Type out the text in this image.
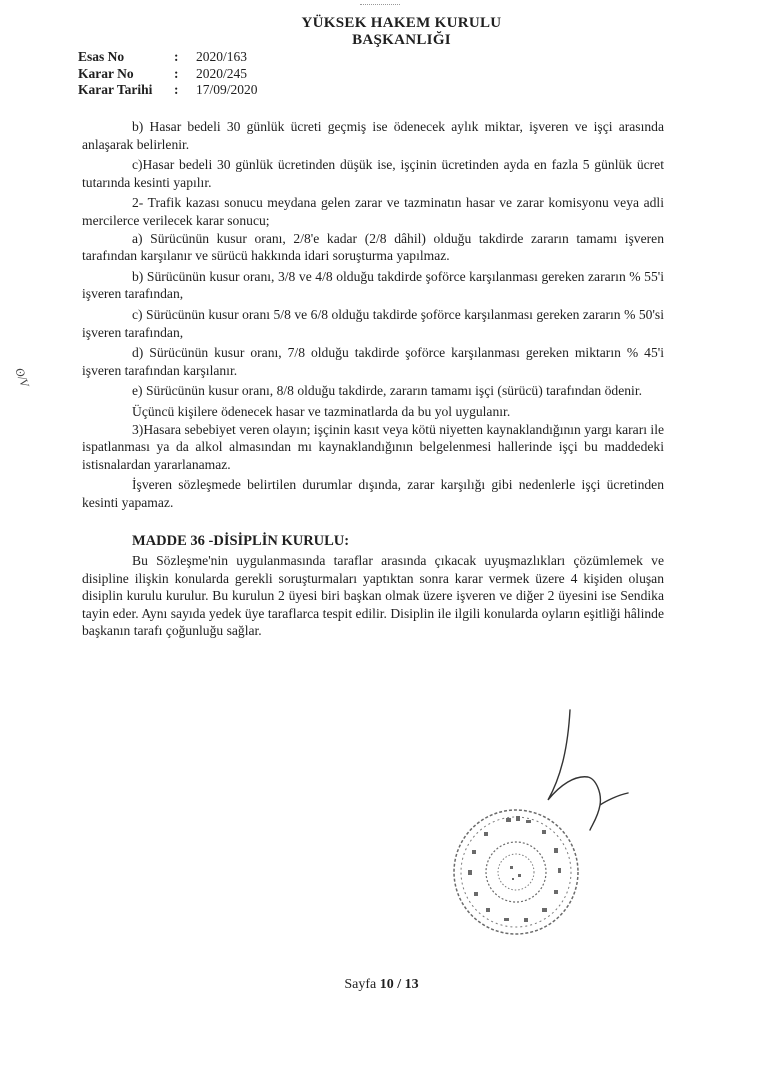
YÜKSEK HAKEM KURULU
BAŞKANLIĞI
Esas No	:	2020/163
Karar No	:	2020/245
Karar Tarihi	:	17/09/2020
ʘ/V

b) Hasar bedeli 30 günlük ücreti geçmiş ise ödenecek aylık miktar, işveren ve işçi arasında anlaşarak belirlenir.

c)Hasar bedeli 30 günlük ücretinden düşük ise, işçinin ücretinden ayda en fazla 5 günlük ücret tutarında kesinti yapılır.

2- Trafik kazası sonucu meydana gelen zarar ve tazminatın hasar ve zarar komisyonu veya adli mercilerce verilecek karar sonucu;

a) Sürücünün kusur oranı, 2/8'e kadar (2/8 dâhil) olduğu takdirde zararın tamamı işveren tarafından karşılanır ve sürücü hakkında idari soruşturma yapılmaz.

b) Sürücünün kusur oranı, 3/8 ve 4/8 olduğu takdirde şoförce karşılanması gereken zararın % 55'i işveren tarafından,

c) Sürücünün kusur oranı 5/8 ve 6/8 olduğu takdirde şoförce karşılanması gereken zararın % 50'si işveren tarafından,

d) Sürücünün kusur oranı, 7/8 olduğu takdirde şoförce karşılanması gereken miktarın % 45'i işveren tarafından karşılanır.

e) Sürücünün kusur oranı, 8/8 olduğu takdirde, zararın tamamı işçi (sürücü) tarafından ödenir.

Üçüncü kişilere ödenecek hasar ve tazminatlarda da bu yol uygulanır.

3)Hasara sebebiyet veren olayın; işçinin kasıt veya kötü niyetten kaynaklandığının yargı kararı ile ispatlanması ya da alkol almasından mı kaynaklandığının belgelenmesi hallerinde işçi bu maddedeki istisnalardan yararlanamaz.

İşveren sözleşmede belirtilen durumlar dışında, zarar karşılığı gibi nedenlerle işçi ücretinden kesinti yapamaz.

MADDE 36 -DİSİPLİN KURULU:

Bu Sözleşme'nin uygulanmasında taraflar arasında çıkacak uyuşmazlıkları çözümlemek ve disipline ilişkin konularda gerekli soruşturmaları yaptıktan sonra karar vermek üzere 4 kişiden oluşan disiplin kurulu kurulur. Bu kurulun 2 üyesi biri başkan olmak üzere işveren ve diğer 2 üyesini ise Sendika tayin eder. Aynı sayıda yedek üye taraflarca tespit edilir. Disiplin ile ilgili konularda oyların eşitliği hâlinde başkanın tarafı çoğunluğu sağlar.

Sayfa 10 / 13
